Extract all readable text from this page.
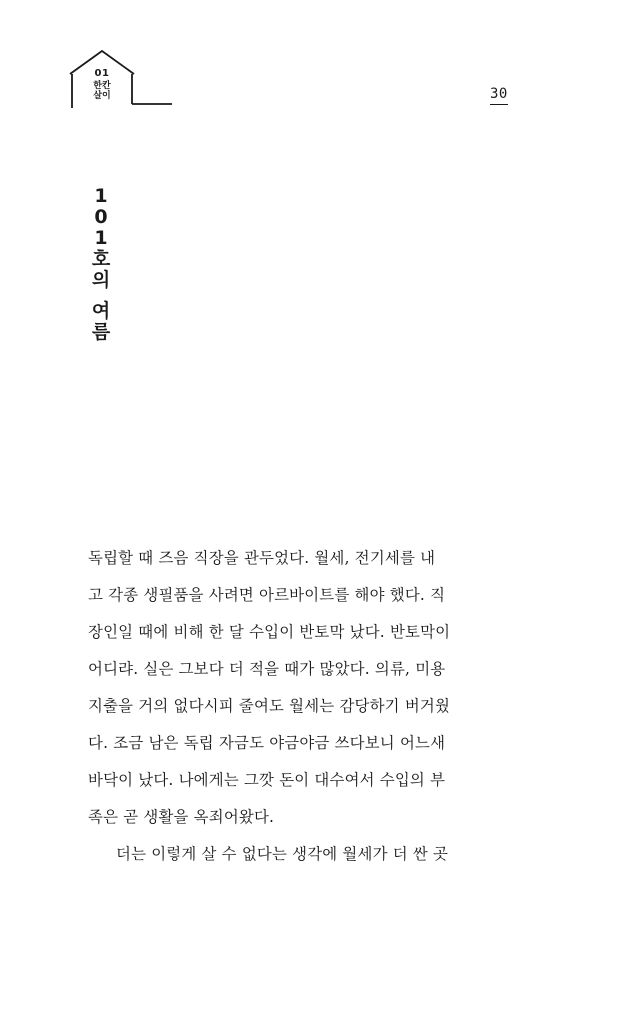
01
한칸
살이	30
1
0
1
호
의
여
름
독립할 때 즈음 직장을 관두었다. 월세, 전기세를 내
고 각종 생필품을 사려면 아르바이트를 해야 했다. 직
장인일 때에 비해 한 달 수입이 반토막 났다. 반토막이
어디랴. 실은 그보다 더 적을 때가 많았다. 의류, 미용
지출을 거의 없다시피 줄여도 월세는 감당하기 버거웠
다. 조금 남은 독립 자금도 야금야금 쓰다보니 어느새
바닥이 났다. 나에게는 그깟 돈이 대수여서 수입의 부
족은 곧 생활을 옥죄어왔다.
더는 이렇게 살 수 없다는 생각에 월세가 더 싼 곳
